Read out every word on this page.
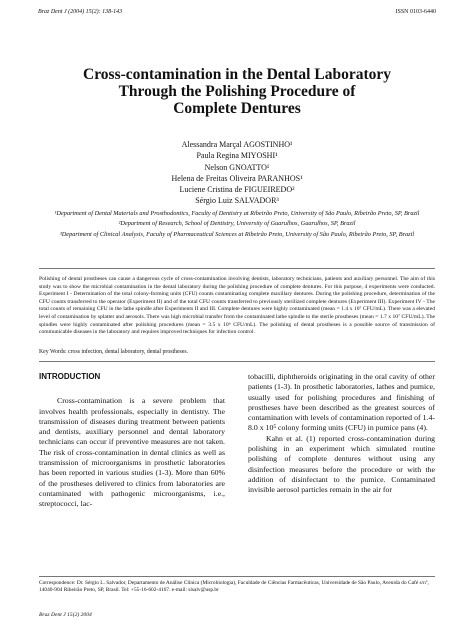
Braz Dent J (2004) 15(2): 138-143	ISSN 0103-6440
Cross-contamination in the Dental Laboratory
Through the Polishing Procedure of
Complete Dentures
Alessandra Marçal AGOSTINHO¹
Paula Regina MIYOSHI¹
Nelson GNOATTO¹
Helena de Freitas Oliveira PARANHOS¹
Luciene Cristina de FIGUEIREDO²
Sérgio Luiz SALVADOR³
¹Department of Dental Materials and Prosthodontics, Faculty of Dentistry at Ribeirão Preto, University of São Paulo, Ribeirão Preto, SP, Brazil
²Department of Research, School of Dentistry, University of Guarulhos, Guarulhos, SP, Brazil
³Department of Clinical Analysis, Faculty of Pharmaceutical Sciences at Ribeirão Preto, University of São Paulo, Ribeirão Preto, SP, Brazil
Polishing of dental prostheses can cause a dangerous cycle of cross-contamination involving dentists, laboratory technicians, patients and auxiliary personnel. The aim of this study was to show the microbial contamination in the dental laboratory during the polishing procedure of complete dentures. For this purpose, 4 experiments were conducted. Experiment I - Determination of the total colony-forming units (CFU) counts contaminating complete maxillary dentures. During the polishing procedure, determination of the CFU counts transferred to the operator (Experiment II) and of the total CFU counts transferred to previously sterilized complete dentures (Experiment III). Experiment IV - The total counts of remaining CFU in the lathe spindle after Experiments II and III. Complete dentures were highly contaminated (mean = 1.4 x 10⁷ CFU/mL). There was a elevated level of contamination by splatter and aerosols. There was high microbial transfer from the contaminated lathe spindle to the sterile prostheses (mean = 1.7 x 10⁷ CFU/mL). The spindles were highly contaminated after polishing procedures (mean = 3.5 x 10⁶ CFU/mL). The polishing of dental prostheses is a possible source of transmission of communicable diseases in the laboratory and requires improved techniques for infection control.
Key Words: cross infection, dental laboratory, dental prostheses.
INTRODUCTION

Cross-contamination is a severe problem that involves health professionals, especially in dentistry. The transmission of diseases during treatment between patients and dentists, auxiliary personnel and dental laboratory technicians can occur if preventive measures are not taken. The risk of cross-contamination in dental clinics as well as transmission of microorganisms in prosthetic laboratories has been reported in various studies (1-3). More than 60% of the prostheses delivered to clinics from laboratories are contaminated with pathogenic microorganisms, i.e., streptococci, lac-

tobacilli, diphtheroids originating in the oral cavity of other patients (1-3). In prosthetic laboratories, lathes and pumice, usually used for polishing procedures and finishing of prostheses have been described as the greatest sources of contamination with levels of contamination reported of 1.4-8.0 x 10⁵ colony forming units (CFU) in pumice pans (4).

Kahn et al. (1) reported cross-contamination during polishing in an experiment which simulated routine polishing of complete dentures without using any disinfection measures before the procedure or with the addition of disinfectant to the pumice. Contaminated invisible aerosol particles remain in the air for

Correspondence: Dr. Sérgio L. Salvador, Departamento de Análise Clínica (Microbiologia), Faculdade de Ciências Farmacêuticas, Universidade de São Paulo, Avenida do Café s/nº, 14040-904 Ribeirão Preto, SP, Brasil. Tel: +55-16-602-4167. e-mail: slsalv@usp.br
Braz Dent J 15(2) 2004
